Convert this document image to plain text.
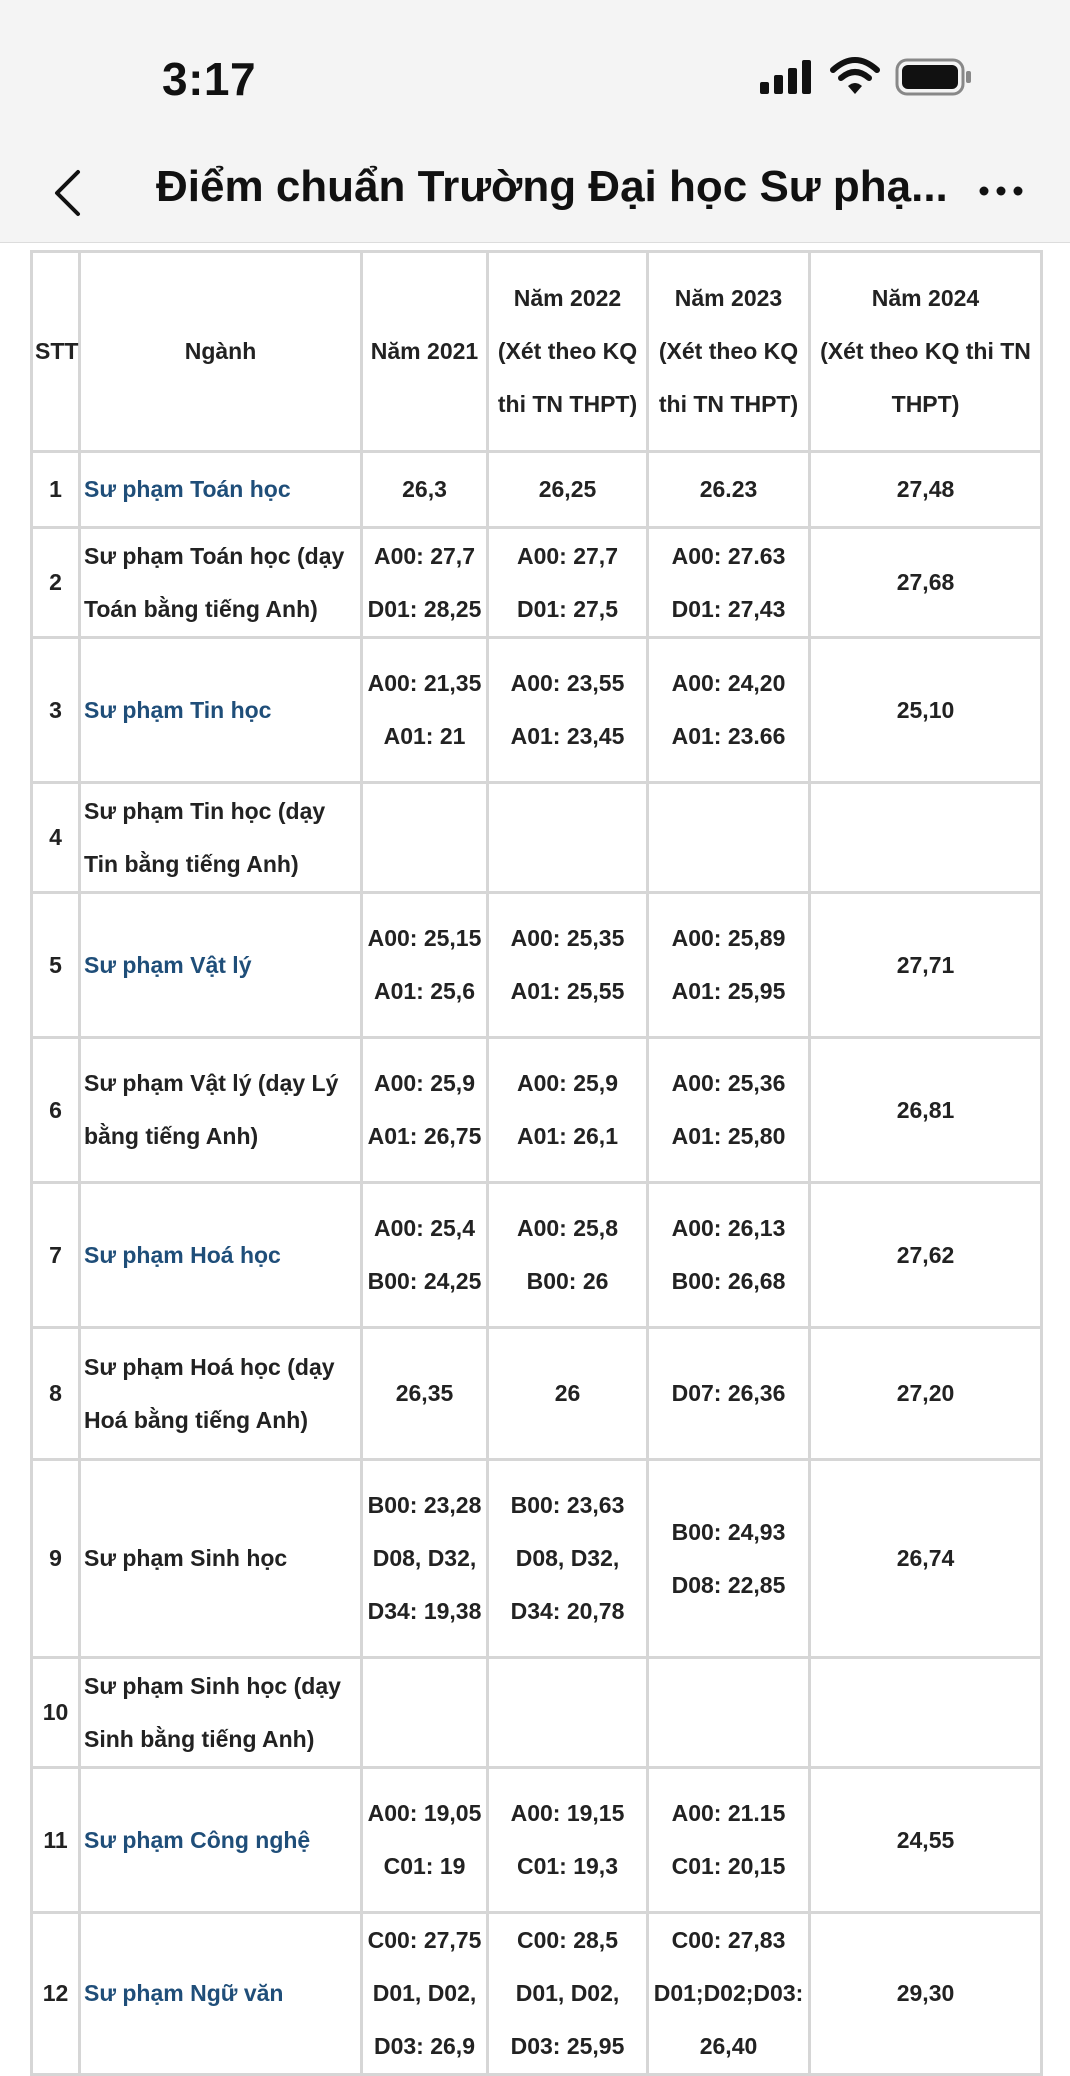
3:17
Điểm chuẩn Trường Đại học Sư phạ...
STT	Ngành	Năm 2021	Năm 2022
(Xét theo KQ
thi TN THPT)	Năm 2023
(Xét theo KQ
thi TN THPT)	Năm 2024
(Xét theo KQ thi TN
THPT)

1	Sư phạm Toán học	26,3	26,25	26.23	27,48
2	Sư phạm Toán học (dạy
Toán bằng tiếng Anh)	A00: 27,7
D01: 28,25	A00: 27,7
D01: 27,5	A00: 27.63
D01: 27,43	27,68
3	Sư phạm Tin học	A00: 21,35
A01: 21	A00: 23,55
A01: 23,45	A00: 24,20
A01: 23.66	25,10
4	Sư phạm Tin học (dạy
Tin bằng tiếng Anh)				

5	Sư phạm Vật lý	A00: 25,15
A01: 25,6	A00: 25,35
A01: 25,55	A00: 25,89
A01: 25,95	27,71
6	Sư phạm Vật lý (dạy Lý
bằng tiếng Anh)	A00: 25,9
A01: 26,75	A00: 25,9
A01: 26,1	A00: 25,36
A01: 25,80	26,81
7	Sư phạm Hoá học	A00: 25,4
B00: 24,25	A00: 25,8
B00: 26	A00: 26,13
B00: 26,68	27,62
8	Sư phạm Hoá học (dạy
Hoá bằng tiếng Anh)	26,35	26	D07: 26,36	27,20
9	Sư phạm Sinh học	B00: 23,28
D08, D32,
D34: 19,38	B00: 23,63
D08, D32,
D34: 20,78	B00: 24,93
D08: 22,85	26,74
10	Sư phạm Sinh học (dạy
Sinh bằng tiếng Anh)				

11	Sư phạm Công nghệ	A00: 19,05
C01: 19	A00: 19,15
C01: 19,3	A00: 21.15
C01: 20,15	24,55
12	Sư phạm Ngữ văn	C00: 27,75
D01, D02,
D03: 26,9	C00: 28,5
D01, D02,
D03: 25,95	C00: 27,83
D01;D02;D03:
26,40	29,30
